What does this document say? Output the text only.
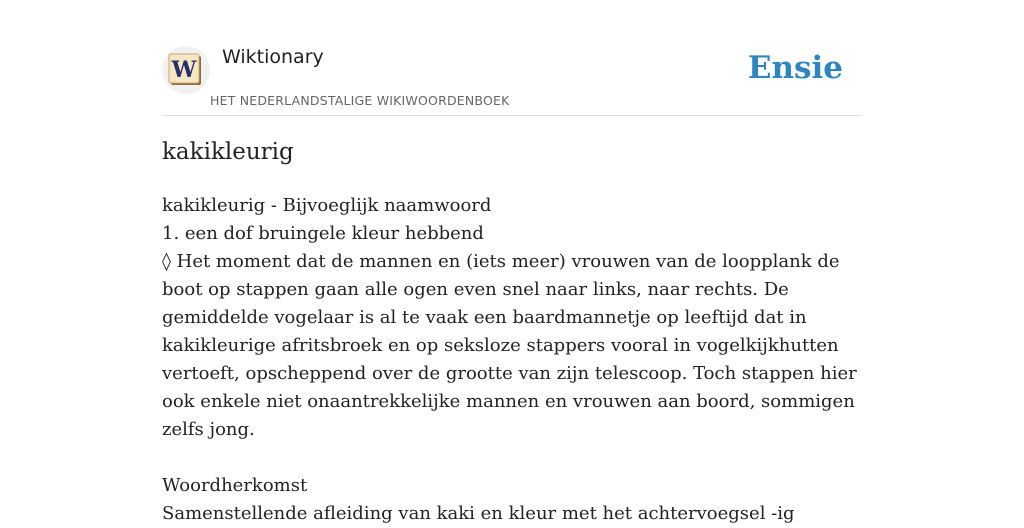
W Wiktionary
HET NEDERLANDSTALIGE WIKIWOORDENBOEK
Ensie
kakikleurig
kakikleurig - Bijvoeglijk naamwoord
1. een dof bruingele kleur hebbend
◊ Het moment dat de mannen en (iets meer) vrouwen van de loopplank de boot op stappen gaan alle ogen even snel naar links, naar rechts. De gemiddelde vogelaar is al te vaak een baardmannetje op leeftijd dat in kakikleurige afritsbroek en op seksloze stappers vooral in vogelkijkhutten vertoeft, opscheppend over de grootte van zijn telescoop. Toch stappen hier ook enkele niet onaantrekkelijke mannen en vrouwen aan boord, sommigen zelfs jong.
Woordherkomst
Samenstellende afleiding van kaki en kleur met het achtervoegsel -ig
